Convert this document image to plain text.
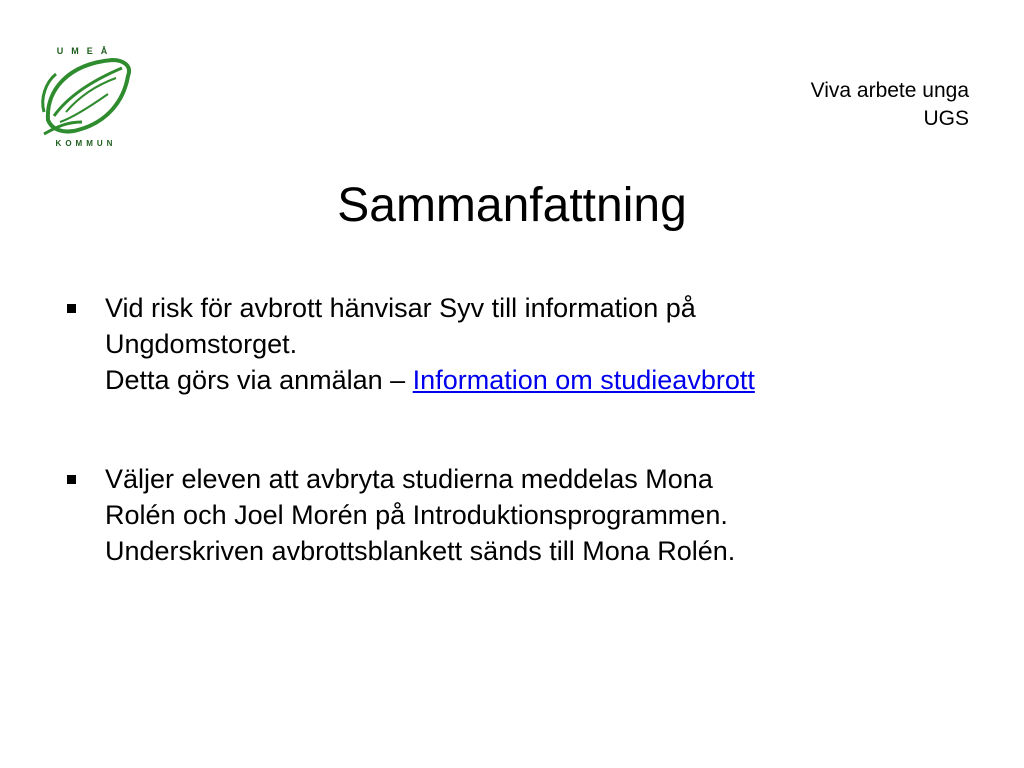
UMEÅ
KOMMUN
Viva arbete unga
UGS
Sammanfattning
Vid risk för avbrott hänvisar Syv till information på
Ungdomstorget.
Detta görs via anmälan – Information om studieavbrott
Väljer eleven att avbryta studierna meddelas Mona
Rolén och Joel Morén på Introduktionsprogrammen.
Underskriven avbrottsblankett sänds till Mona Rolén.
